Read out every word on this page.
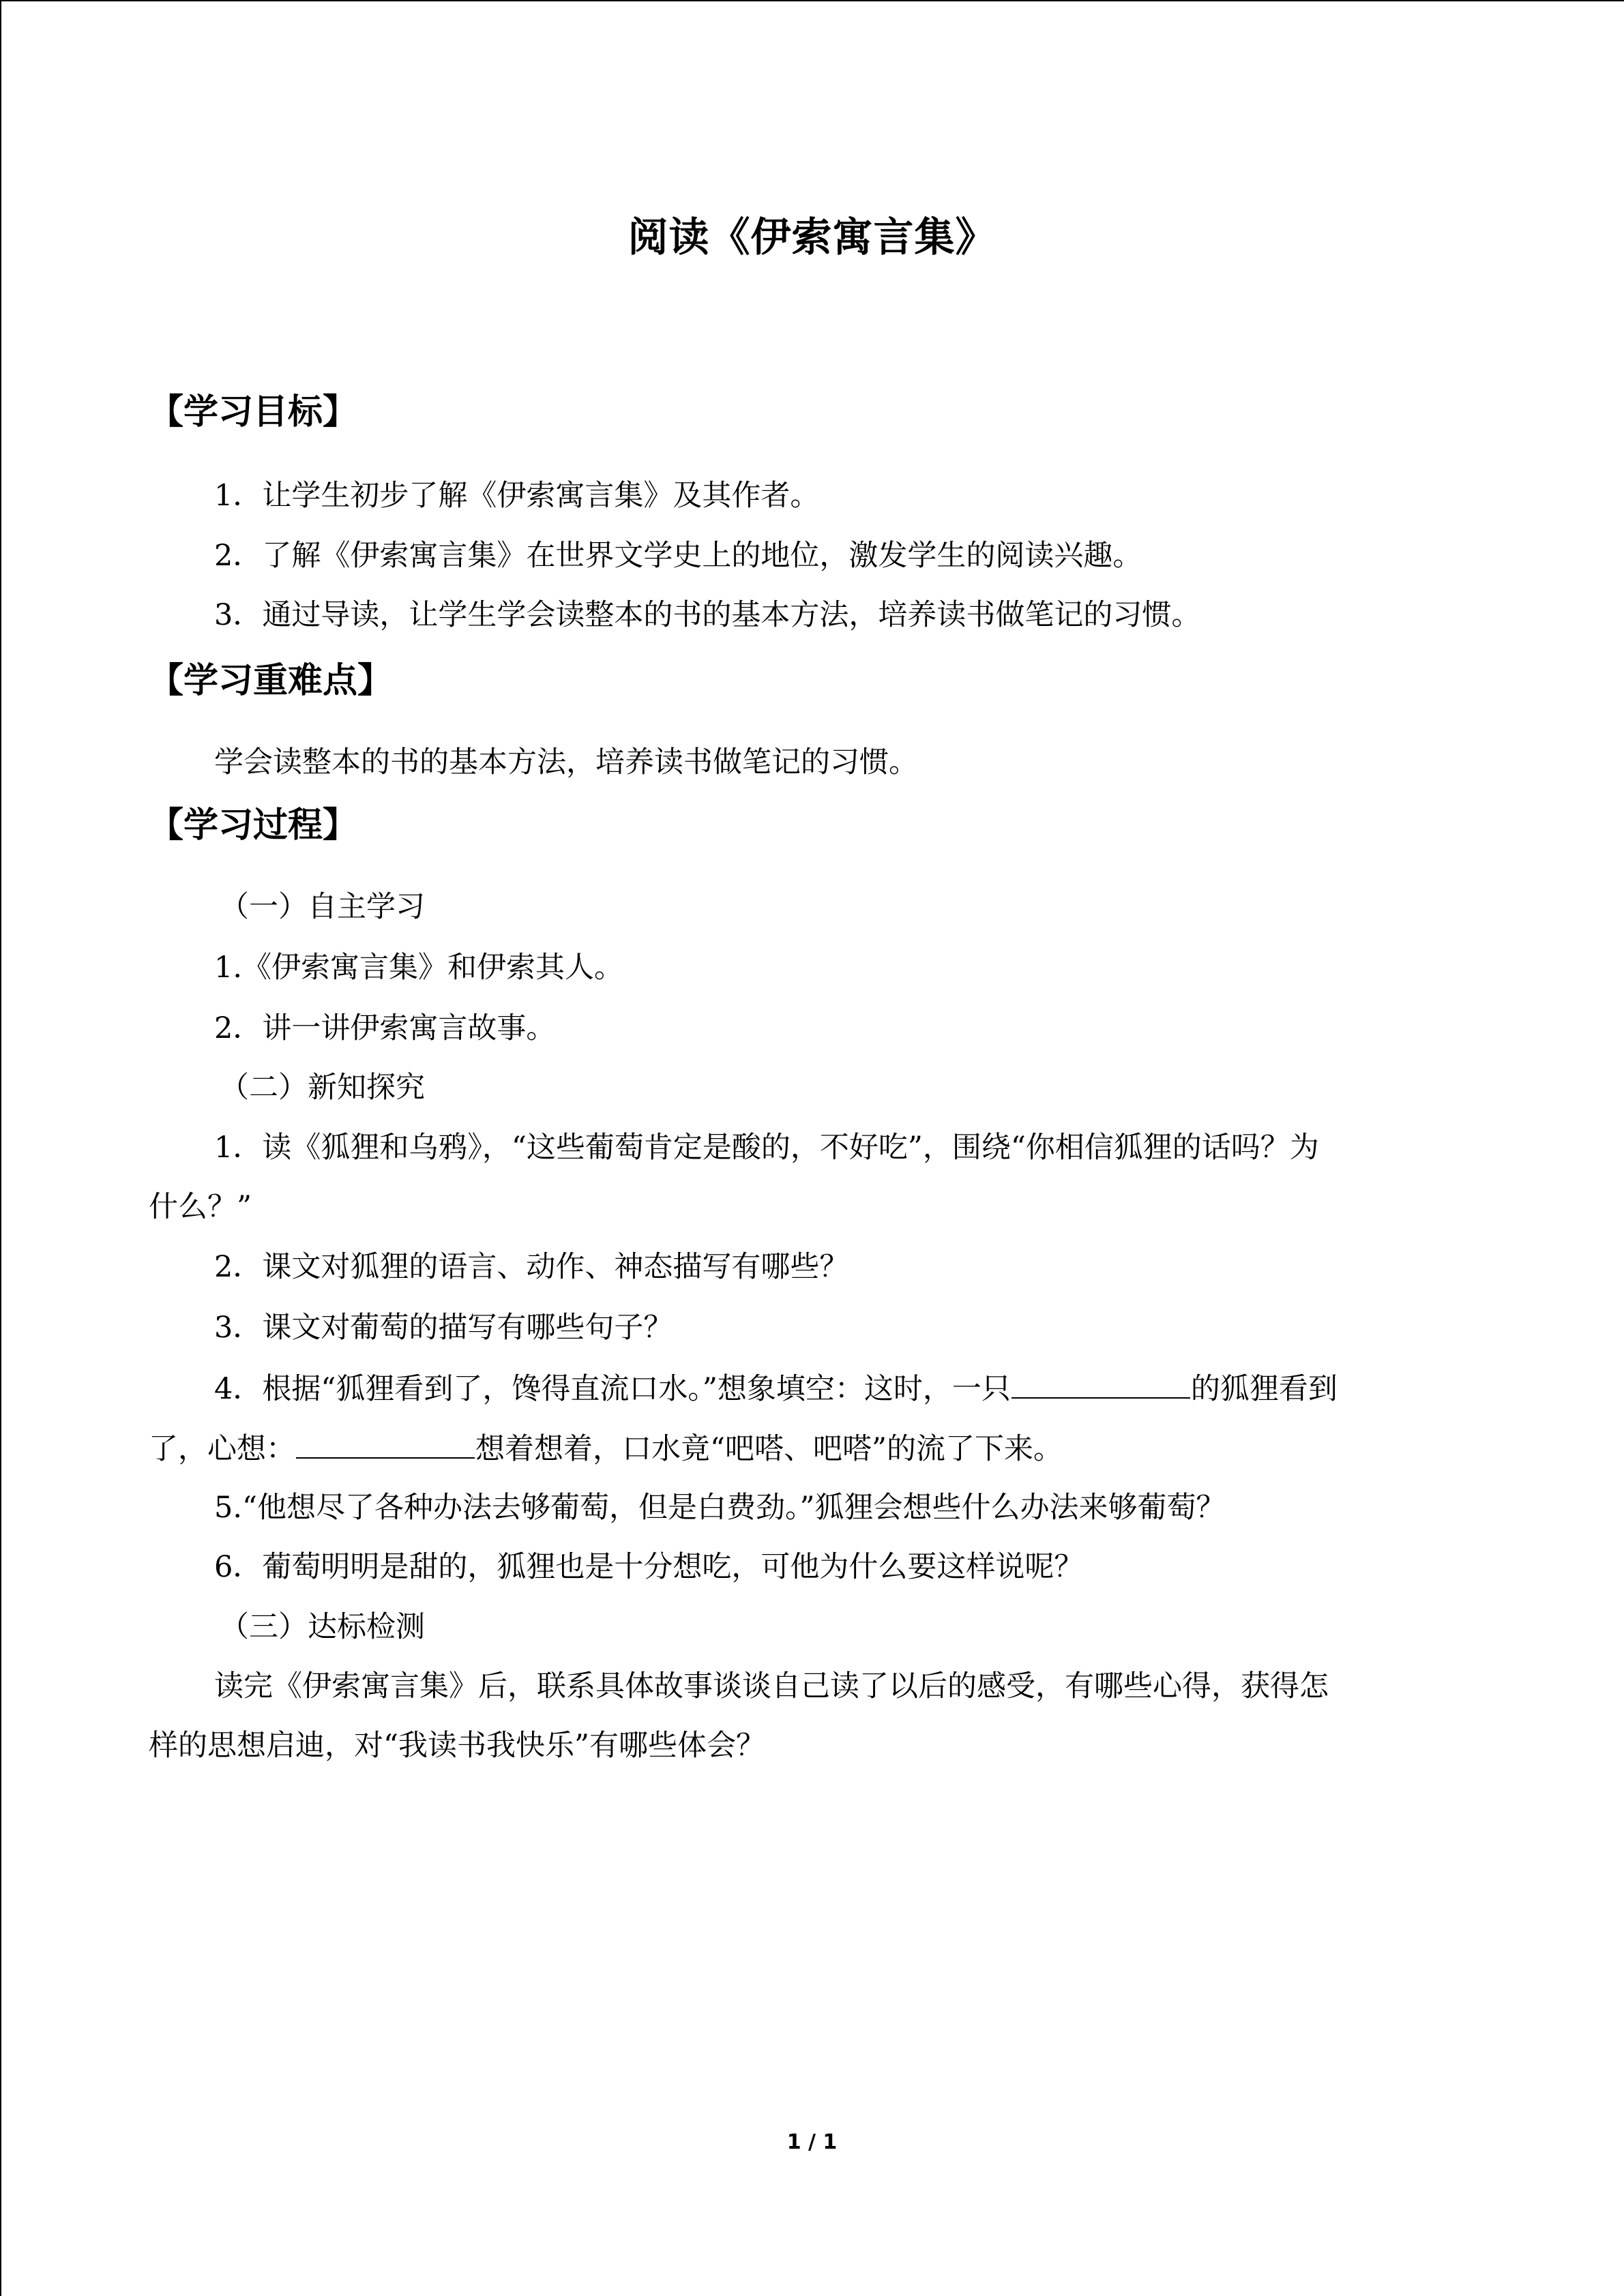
阅读《伊索寓言集》
【学习目标】
1．让学生初步了解《伊索寓言集》及其作者。
2．了解《伊索寓言集》在世界文学史上的地位，激发学生的阅读兴趣。
3．通过导读，让学生学会读整本的书的基本方法，培养读书做笔记的习惯。
【学习重难点】
学会读整本的书的基本方法，培养读书做笔记的习惯。
【学习过程】
（一）自主学习
1.《伊索寓言集》和伊索其人。
2．讲一讲伊索寓言故事。
（二）新知探究
1．读《狐狸和乌鸦》，“这些葡萄肯定是酸的，不好吃”，围绕“你相信狐狸的话吗？为
什么？”
2．课文对狐狸的语言、动作、神态描写有哪些？
3．课文对葡萄的描写有哪些句子？
4．根据“狐狸看到了，馋得直流口水。”想象填空：这时，一只	的狐狸看到
了，心想：	想着想着，口水竟“吧嗒、吧嗒”的流了下来。
5.“他想尽了各种办法去够葡萄，但是白费劲。”狐狸会想些什么办法来够葡萄？
6．葡萄明明是甜的，狐狸也是十分想吃，可他为什么要这样说呢？
（三）达标检测
读完《伊索寓言集》后，联系具体故事谈谈自己读了以后的感受，有哪些心得，获得怎
样的思想启迪，对“我读书我快乐”有哪些体会？
1 / 1
